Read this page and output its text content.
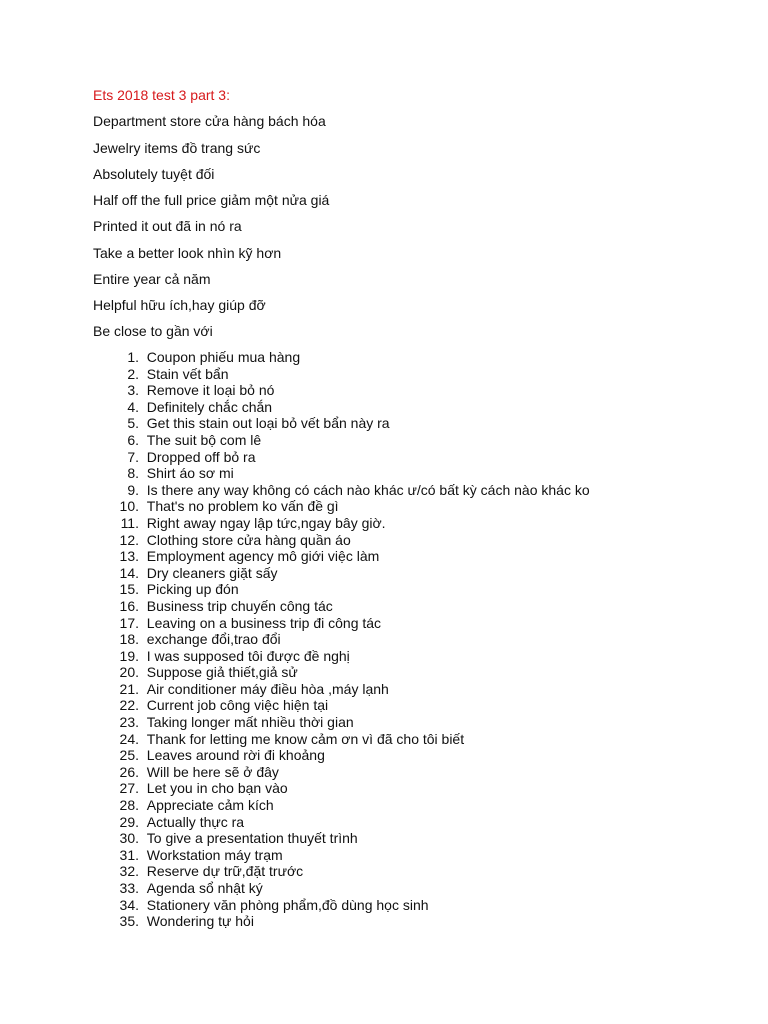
Ets 2018 test 3 part 3:
Department store cửa hàng bách hóa
Jewelry items đồ trang sức
Absolutely tuyệt đối
Half off the full price giảm một nửa giá
Printed it out đã in nó ra
Take a better look nhìn kỹ hơn
Entire year cả năm
Helpful hữu ích,hay giúp đỡ
Be close to gần với
1.
Coupon phiếu mua hàng
2.
Stain vết bẩn
3.
Remove it loại bỏ nó
4.
Definitely chắc chắn
5.
Get this stain out loại bỏ vết bẩn này ra
6.
The suit bộ com lê
7.
Dropped off bỏ ra
8.
Shirt áo sơ mi
9.
Is there any way không có cách nào khác ư/có bất kỳ cách nào khác ko
10.
That's no problem ko vấn đề gì
11.
Right away ngay lập tức,ngay bây giờ.
12.
Clothing store cửa hàng quần áo
13.
Employment agency mô giới việc làm
14.
Dry cleaners giặt sấy
15.
Picking up đón
16.
Business trip chuyến công tác
17.
Leaving on a business trip đi công tác
18.
exchange đổi,trao đổi
19.
I was supposed tôi được đề nghị
20.
Suppose giả thiết,giả sử
21.
Air conditioner máy điều hòa ,máy lạnh
22.
Current job công việc hiện tại
23.
Taking longer mất nhiều thời gian
24.
Thank for letting me know cảm ơn vì đã cho tôi biết
25.
Leaves around rời đi khoảng
26.
Will be here sẽ ở đây
27.
Let you in cho bạn vào
28.
Appreciate cảm kích
29.
Actually thực ra
30.
To give a presentation thuyết trình
31.
Workstation máy trạm
32.
Reserve dự trữ,đặt trước
33.
Agenda sổ nhật ký
34.
Stationery văn phòng phẩm,đồ dùng học sinh
35.
Wondering tự hỏi
